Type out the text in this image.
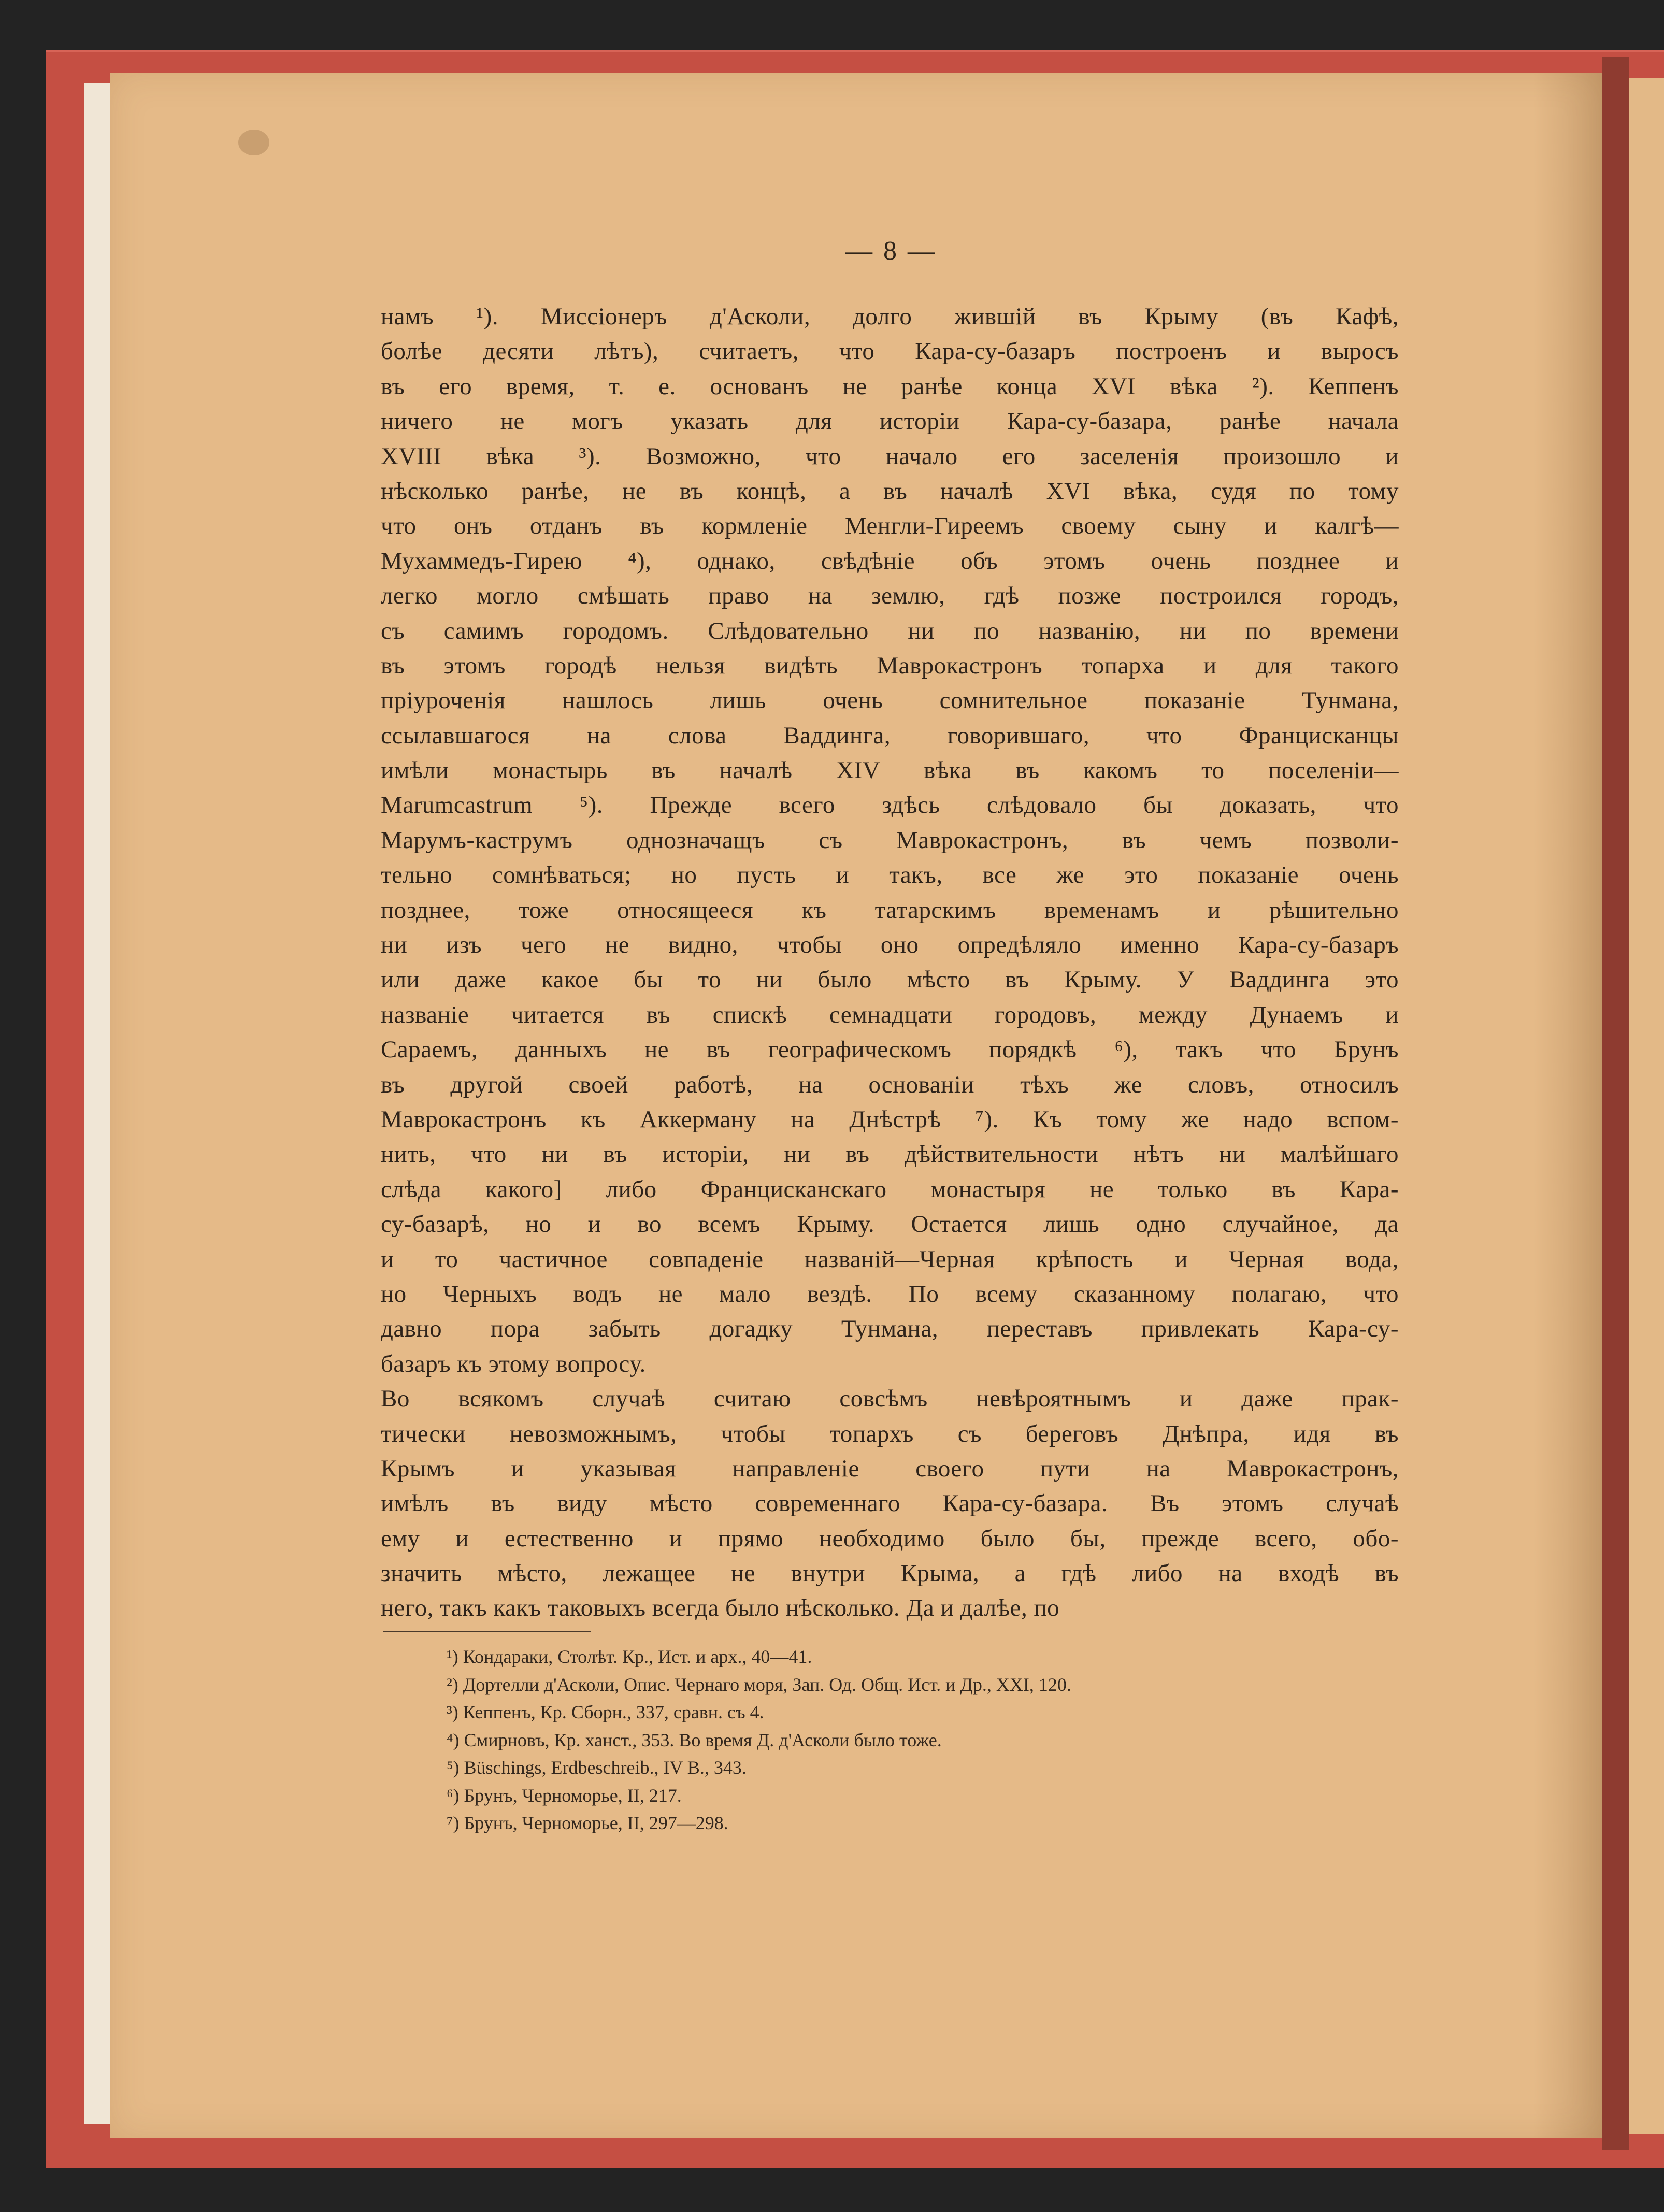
— 8 —
намъ ¹). Миссiонеръ д'Асколи, долго жившiй въ Крыму (въ Кафѣ,
болѣе десяти лѣтъ), считаетъ, что Кара-су-базаръ построенъ и выросъ
въ его время, т. е. основанъ не ранѣе конца XVI вѣка ²). Кеппенъ
ничего не могъ указать для исторiи Кара-су-базара, ранѣе начала
XVIII вѣка ³). Возможно, что начало его заселенiя произошло и
нѣсколько ранѣе, не въ концѣ, а въ началѣ XVI вѣка, судя по тому
что онъ отданъ въ кормленiе Менгли-Гиреемъ своему сыну и калгѣ—
Мухаммедъ-Гирею ⁴), однако, свѣдѣнiе объ этомъ очень позднее и
легко могло смѣшать право на землю, гдѣ позже построился городъ,
съ самимъ городомъ. Слѣдовательно ни по названiю, ни по времени
въ этомъ городѣ нельзя видѣть Маврокастронъ топарха и для такого
прiуроченiя нашлось лишь очень сомнительное показанiе Тунмана,
ссылавшагося на слова Ваддинга, говорившаго, что Францисканцы
имѣли монастырь въ началѣ XIV вѣка въ какомъ то поселенiи—
Marumcastrum ⁵). Прежде всего здѣсь слѣдовало бы доказать, что
Марумъ-каструмъ однозначащъ съ Маврокастронъ, въ чемъ позволи-
тельно сомнѣваться; но пусть и такъ, все же это показанiе очень
позднее, тоже относящееся къ татарскимъ временамъ и рѣшительно
ни изъ чего не видно, чтобы оно опредѣляло именно Кара-су-базаръ
или даже какое бы то ни было мѣсто въ Крыму. У Ваддинга это
названiе читается въ спискѣ семнадцати городовъ, между Дунаемъ и
Сараемъ, данныхъ не въ географическомъ порядкѣ ⁶), такъ что Брунъ
въ другой своей работѣ, на основанiи тѣхъ же словъ, относилъ
Маврокастронъ къ Аккерману на Днѣстрѣ ⁷). Къ тому же надо вспом-
нить, что ни въ исторiи, ни въ дѣйствительности нѣтъ ни малѣйшаго
слѣда какого] либо Францисканскаго монастыря не только въ Кара-
су-базарѣ, но и во всемъ Крыму. Остается лишь одно случайное, да
и то частичное совпаденiе названiй—Черная крѣпость и Черная вода,
но Черныхъ водъ не мало вездѣ. По всему сказанному полагаю, что
давно пора забыть догадку Тунмана, переставъ привлекать Кара-су-
базаръ къ этому вопросу.
Во всякомъ случаѣ считаю совсѣмъ невѣроятнымъ и даже прак-
тически невозможнымъ, чтобы топархъ съ береговъ Днѣпра, идя въ
Крымъ и указывая направленiе своего пути на Маврокастронъ,
имѣлъ въ виду мѣсто современнаго Кара-су-базара. Въ этомъ случаѣ
ему и естественно и прямо необходимо было бы, прежде всего, обо-
значить мѣсто, лежащее не внутри Крыма, а гдѣ либо на входѣ въ
него, такъ какъ таковыхъ всегда было нѣсколько. Да и далѣе, по
¹) Кондараки, Столѣт. Кр., Ист. и арх., 40—41.
²) Дортелли д'Асколи, Опис. Чернаго моря, Зап. Од. Общ. Ист. и Др., XXI, 120.
³) Кеппенъ, Кр. Сборн., 337, сравн. съ 4.
⁴) Смирновъ, Кр. ханст., 353. Во время Д. д'Асколи было тоже.
⁵) Büschings, Erdbeschreib., IV B., 343.
⁶) Брунъ, Черноморье, II, 217.
⁷) Брунъ, Черноморье, II, 297—298.
